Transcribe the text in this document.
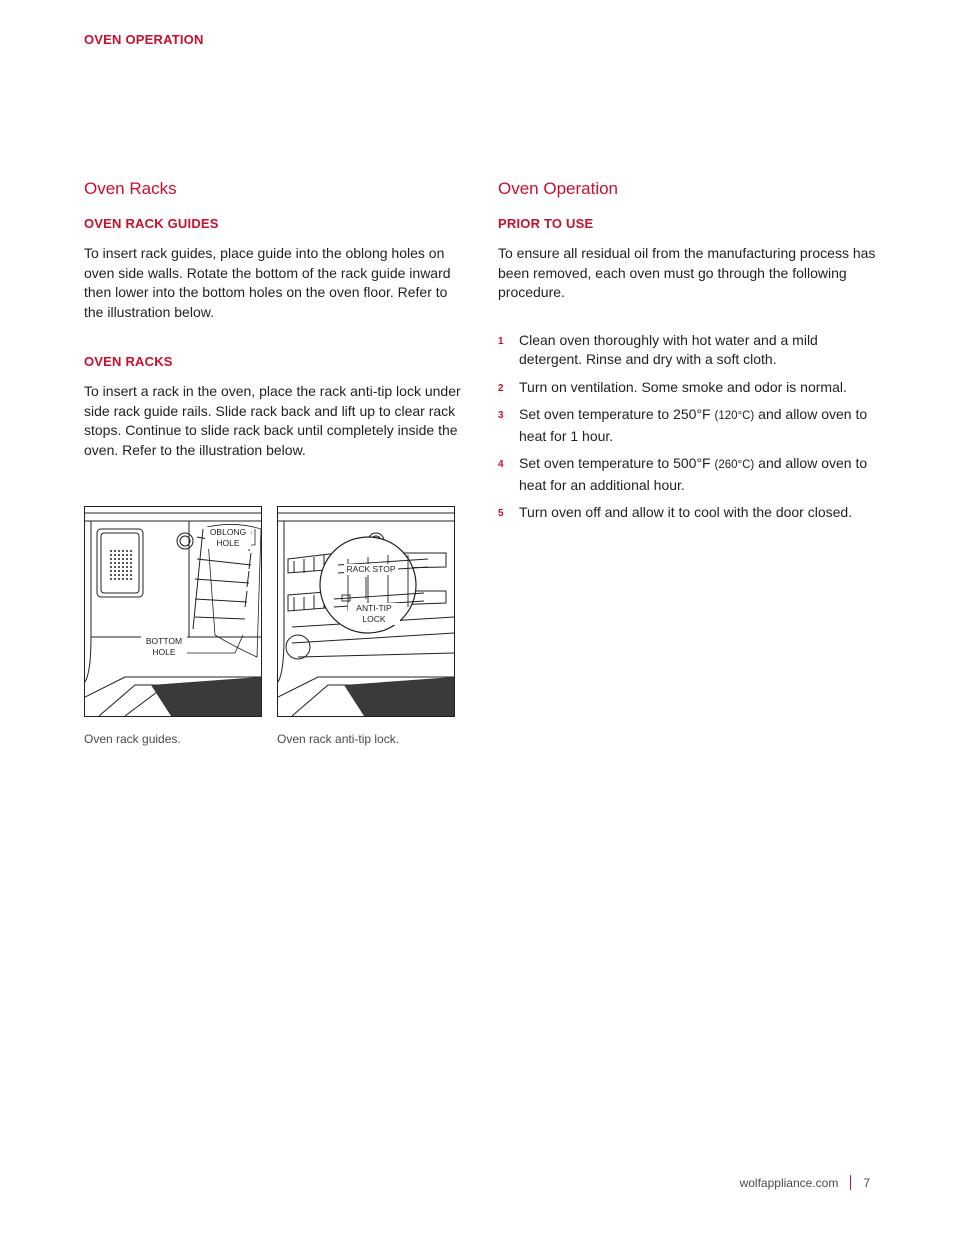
OVEN OPERATION
Oven Racks
OVEN RACK GUIDES

To insert rack guides, place guide into the oblong holes on oven side walls. Rotate the bottom of the rack guide inward then lower into the bottom holes on the oven floor. Refer to the illustration below.

OVEN RACKS

To insert a rack in the oven, place the rack anti-tip lock under side rack guide rails. Slide rack back and lift up to clear rack stops. Continue to slide rack back until completely inside the oven. Refer to the illustration below.

Oven Operation
PRIOR TO USE

To ensure all residual oil from the manufacturing process has been removed, each oven must go through the following procedure.

1 Clean oven thoroughly with hot water and a mild detergent. Rinse and dry with a soft cloth.
2 Turn on ventilation. Some smoke and odor is normal.
3 Set oven temperature to 250°F (120°C) and allow oven to heat for 1 hour.
4 Set oven temperature to 500°F (260°C) and allow oven to heat for an additional hour.
5 Turn oven off and allow it to cool with the door closed.
OBLONG
HOLE
BOTTOM
HOLE
RACK STOP
ANTI-TIP
LOCK
Oven rack guides.	Oven rack anti-tip lock.
wolfappliance.com 7
